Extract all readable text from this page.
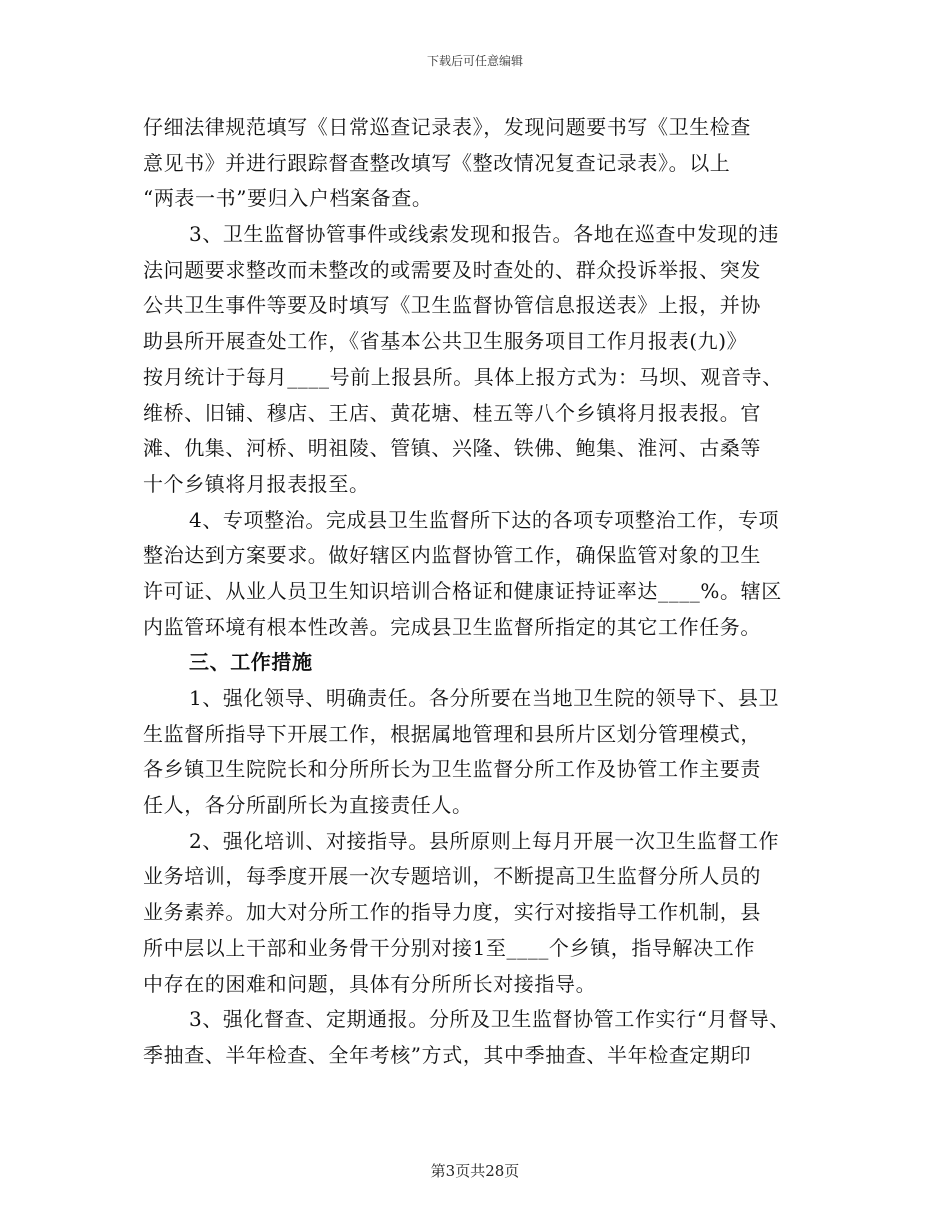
下载后可任意编辑
仔细法律规范填写《日常巡查记录表》，发现问题要书写《卫生检查
意见书》并进行跟踪督查整改填写《整改情况复查记录表》。以上
“两表一书”要归入户档案备查。
3、卫生监督协管事件或线索发现和报告。各地在巡查中发现的违
法问题要求整改而未整改的或需要及时查处的、群众投诉举报、突发
公共卫生事件等要及时填写《卫生监督协管信息报送表》上报，并协
助县所开展查处工作，《省基本公共卫生服务项目工作月报表(九)》
按月统计于每月____号前上报县所。具体上报方式为：马坝、观音寺、
维桥、旧铺、穆店、王店、黄花塘、桂五等八个乡镇将月报表报。官
滩、仇集、河桥、明祖陵、管镇、兴隆、铁佛、鲍集、淮河、古桑等
十个乡镇将月报表报至。
4、专项整治。完成县卫生监督所下达的各项专项整治工作，专项
整治达到方案要求。做好辖区内监督协管工作，确保监管对象的卫生
许可证、从业人员卫生知识培训合格证和健康证持证率达____%。辖区
内监管环境有根本性改善。完成县卫生监督所指定的其它工作任务。
三、工作措施
1、强化领导、明确责任。各分所要在当地卫生院的领导下、县卫
生监督所指导下开展工作，根据属地管理和县所片区划分管理模式，
各乡镇卫生院院长和分所所长为卫生监督分所工作及协管工作主要责
任人，各分所副所长为直接责任人。
2、强化培训、对接指导。县所原则上每月开展一次卫生监督工作
业务培训，每季度开展一次专题培训，不断提高卫生监督分所人员的
业务素养。加大对分所工作的指导力度，实行对接指导工作机制，县
所中层以上干部和业务骨干分别对接1至____个乡镇，指导解决工作
中存在的困难和问题，具体有分所所长对接指导。
3、强化督查、定期通报。分所及卫生监督协管工作实行“月督导、
季抽查、半年检查、全年考核”方式，其中季抽查、半年检查定期印
第3页共28页
